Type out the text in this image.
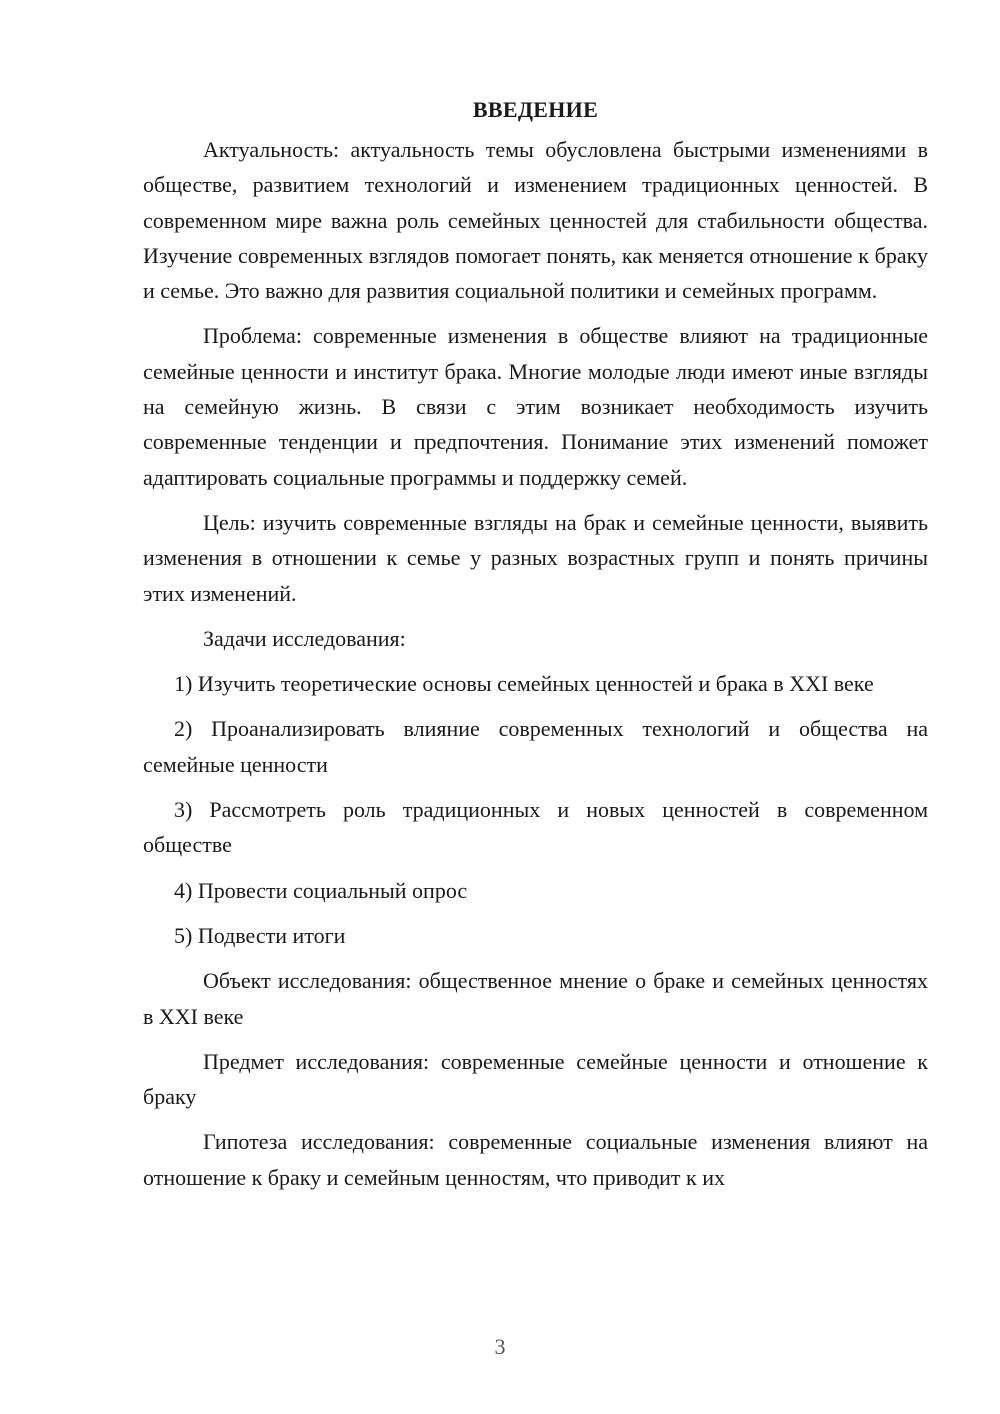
ВВЕДЕНИЕ

Актуальность: актуальность темы обусловлена быстрыми изменениями в обществе, развитием технологий и изменением традиционных ценностей. В современном мире важна роль семейных ценностей для стабильности общества. Изучение современных взглядов помогает понять, как меняется отношение к браку и семье. Это важно для развития социальной политики и семейных программ.

Проблема: современные изменения в обществе влияют на традиционные семейные ценности и институт брака. Многие молодые люди имеют иные взгляды на семейную жизнь. В связи с этим возникает необходимость изучить современные тенденции и предпочтения. Понимание этих изменений поможет адаптировать социальные программы и поддержку семей.

Цель: изучить современные взгляды на брак и семейные ценности, выявить изменения в отношении к семье у разных возрастных групп и понять причины этих изменений.

Задачи исследования:

1) Изучить теоретические основы семейных ценностей и брака в XXI веке

2) Проанализировать влияние современных технологий и общества на семейные ценности

3) Рассмотреть роль традиционных и новых ценностей в современном обществе

4) Провести социальный опрос

5) Подвести итоги

Объект исследования: общественное мнение о браке и семейных ценностях в XXI веке

Предмет исследования: современные семейные ценности и отношение к браку

Гипотеза исследования: современные социальные изменения влияют на отношение к браку и семейным ценностям, что приводит к их

3
